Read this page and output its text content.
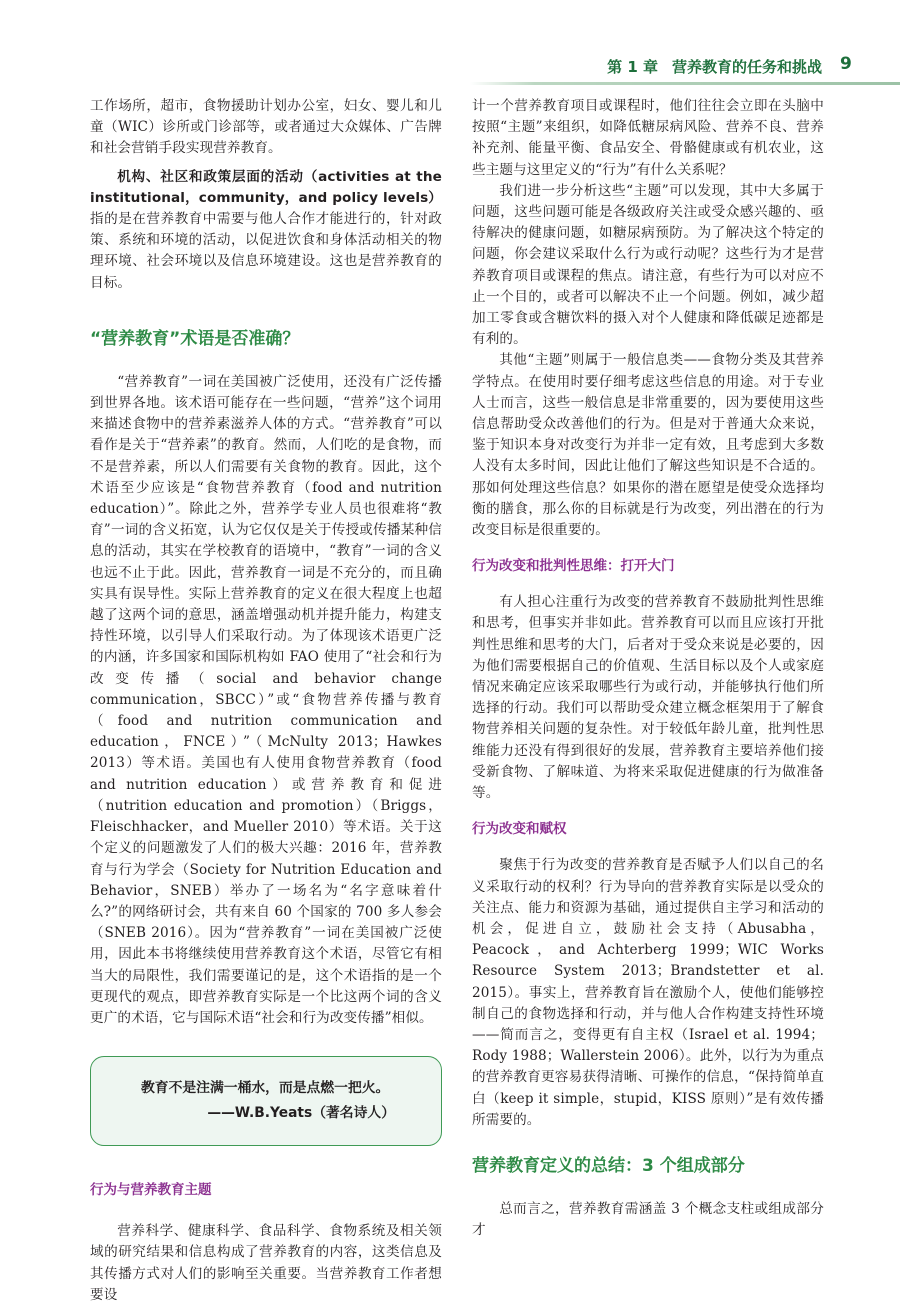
第 1 章 营养教育的任务和挑战 9

工作场所，超市，食物援助计划办公室，妇女、婴儿和儿童（WIC）诊所或门诊部等，或者通过大众媒体、广告牌和社会营销手段实现营养教育。

机构、社区和政策层面的活动（activities at the institutional，community，and policy levels）指的是在营养教育中需要与他人合作才能进行的，针对政策、系统和环境的活动，以促进饮食和身体活动相关的物理环境、社会环境以及信息环境建设。这也是营养教育的目标。

“营养教育”术语是否准确？

“营养教育”一词在美国被广泛使用，还没有广泛传播到世界各地。该术语可能存在一些问题，“营养”这个词用来描述食物中的营养素滋养人体的方式。“营养教育”可以看作是关于“营养素”的教育。然而，人们吃的是食物，而不是营养素，所以人们需要有关食物的教育。因此，这个术语至少应该是“食物营养教育（food and nutrition education）”。除此之外，营养学专业人员也很难将“教育”一词的含义拓宽，认为它仅仅是关于传授或传播某种信息的活动，其实在学校教育的语境中，“教育”一词的含义也远不止于此。因此，营养教育一词是不充分的，而且确实具有误导性。实际上营养教育的定义在很大程度上也超越了这两个词的意思，涵盖增强动机并提升能力，构建支持性环境，以引导人们采取行动。为了体现该术语更广泛的内涵，许多国家和国际机构如 FAO 使用了“社会和行为改变传播（social and behavior change communication，SBCC）”或“食物营养传播与教育（food and nutrition communication and education，FNCE）”（McNulty 2013；Hawkes 2013）等术语。美国也有人使用食物营养教育（food and nutrition education）或营养教育和促进（nutrition education and promotion）（Briggs，Fleischhacker，and Mueller 2010）等术语。关于这个定义的问题激发了人们的极大兴趣：2016 年，营养教育与行为学会（Society for Nutrition Education and Behavior，SNEB）举办了一场名为“名字意味着什么?”的网络研讨会，共有来自 60 个国家的 700 多人参会（SNEB 2016）。因为“营养教育”一词在美国被广泛使用，因此本书将继续使用营养教育这个术语，尽管它有相当大的局限性，我们需要谨记的是，这个术语指的是一个更现代的观点，即营养教育实际是一个比这两个词的含义更广的术语，它与国际术语“社会和行为改变传播”相似。

教育不是注满一桶水，而是点燃一把火。
——W.B.Yeats（著名诗人）
行为与营养教育主题

营养科学、健康科学、食品科学、食物系统及相关领域的研究结果和信息构成了营养教育的内容，这类信息及其传播方式对人们的影响至关重要。当营养教育工作者想要设

计一个营养教育项目或课程时，他们往往会立即在头脑中按照“主题”来组织，如降低糖尿病风险、营养不良、营养补充剂、能量平衡、食品安全、骨骼健康或有机农业，这些主题与这里定义的“行为”有什么关系呢？

我们进一步分析这些“主题”可以发现，其中大多属于问题，这些问题可能是各级政府关注或受众感兴趣的、亟待解决的健康问题，如糖尿病预防。为了解决这个特定的问题，你会建议采取什么行为或行动呢？这些行为才是营养教育项目或课程的焦点。请注意，有些行为可以对应不止一个目的，或者可以解决不止一个问题。例如，减少超加工零食或含糖饮料的摄入对个人健康和降低碳足迹都是有利的。

其他“主题”则属于一般信息类——食物分类及其营养学特点。在使用时要仔细考虑这些信息的用途。对于专业人士而言，这些一般信息是非常重要的，因为要使用这些信息帮助受众改善他们的行为。但是对于普通大众来说，鉴于知识本身对改变行为并非一定有效，且考虑到大多数人没有太多时间，因此让他们了解这些知识是不合适的。那如何处理这些信息？如果你的潜在愿望是使受众选择均衡的膳食，那么你的目标就是行为改变，列出潜在的行为改变目标是很重要的。

行为改变和批判性思维：打开大门

有人担心注重行为改变的营养教育不鼓励批判性思维和思考，但事实并非如此。营养教育可以而且应该打开批判性思维和思考的大门，后者对于受众来说是必要的，因为他们需要根据自己的价值观、生活目标以及个人或家庭情况来确定应该采取哪些行为或行动，并能够执行他们所选择的行动。我们可以帮助受众建立概念框架用于了解食物营养相关问题的复杂性。对于较低年龄儿童，批判性思维能力还没有得到很好的发展，营养教育主要培养他们接受新食物、了解味道、为将来采取促进健康的行为做准备等。

行为改变和赋权

聚焦于行为改变的营养教育是否赋予人们以自己的名义采取行动的权利？行为导向的营养教育实际是以受众的关注点、能力和资源为基础，通过提供自主学习和活动的机会，促进自立，鼓励社会支持（Abusabha，Peacock，and Achterberg 1999；WIC Works Resource System 2013；Brandstetter et al. 2015）。事实上，营养教育旨在激励个人，使他们能够控制自己的食物选择和行动，并与他人合作构建支持性环境——简而言之，变得更有自主权（Israel et al. 1994；Rody 1988；Wallerstein 2006）。此外，以行为为重点的营养教育更容易获得清晰、可操作的信息，“保持简单直白（keep it simple，stupid，KISS 原则）”是有效传播所需要的。

营养教育定义的总结：3 个组成部分

总而言之，营养教育需涵盖 3 个概念支柱或组成部分才
